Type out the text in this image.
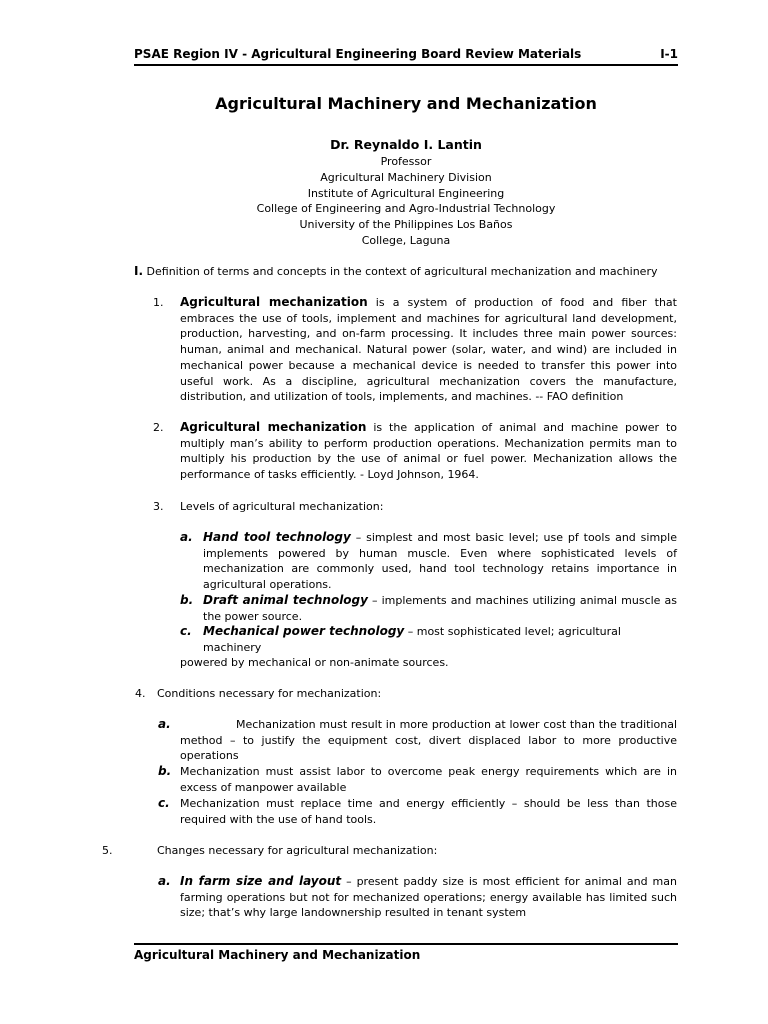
PSAE Region IV - Agricultural Engineering Board Review Materials	I-1
Agricultural Machinery and Mechanization
Dr. Reynaldo I. Lantin
Professor
Agricultural Machinery Division
Institute of Agricultural Engineering
College of Engineering and Agro-Industrial Technology
University of the Philippines Los Baños
College, Laguna
I. Definition of terms and concepts in the context of agricultural mechanization and machinery
1. Agricultural mechanization is a system of production of food and fiber that embraces the use of tools, implement and machines for agricultural land development, production, harvesting, and on-farm processing. It includes three main power sources: human, animal and mechanical. Natural power (solar, water, and wind) are included in mechanical power because a mechanical device is needed to transfer this power into useful work. As a discipline, agricultural mechanization covers the manufacture, distribution, and utilization of tools, implements, and machines. -- FAO definition
2. Agricultural mechanization is the application of animal and machine power to multiply man’s ability to perform production operations. Mechanization permits man to multiply his production by the use of animal or fuel power. Mechanization allows the performance of tasks efficiently. - Loyd Johnson, 1964.
3. Levels of agricultural mechanization:
a. Hand tool technology – simplest and most basic level; use pf tools and simple implements powered by human muscle. Even where sophisticated levels of mechanization are commonly used, hand tool technology retains importance in agricultural operations.
b. Draft animal technology – implements and machines utilizing animal muscle as the power source.
c. Mechanical power technology – most sophisticated level; agricultural machinery
powered by mechanical or non-animate sources.
4. Conditions necessary for mechanization:
a.	Mechanization must result in more production at lower cost than the traditional method – to justify the equipment cost, divert displaced labor to more productive operations
b. Mechanization must assist labor to overcome peak energy requirements which are in excess of manpower available
c. Mechanization must replace time and energy efficiently – should be less than those required with the use of hand tools.
5.	Changes necessary for agricultural mechanization:
a. In farm size and layout – present paddy size is most efficient for animal and man farming operations but not for mechanized operations; energy available has limited such size; that’s why large landownership resulted in tenant system
Agricultural Machinery and Mechanization
